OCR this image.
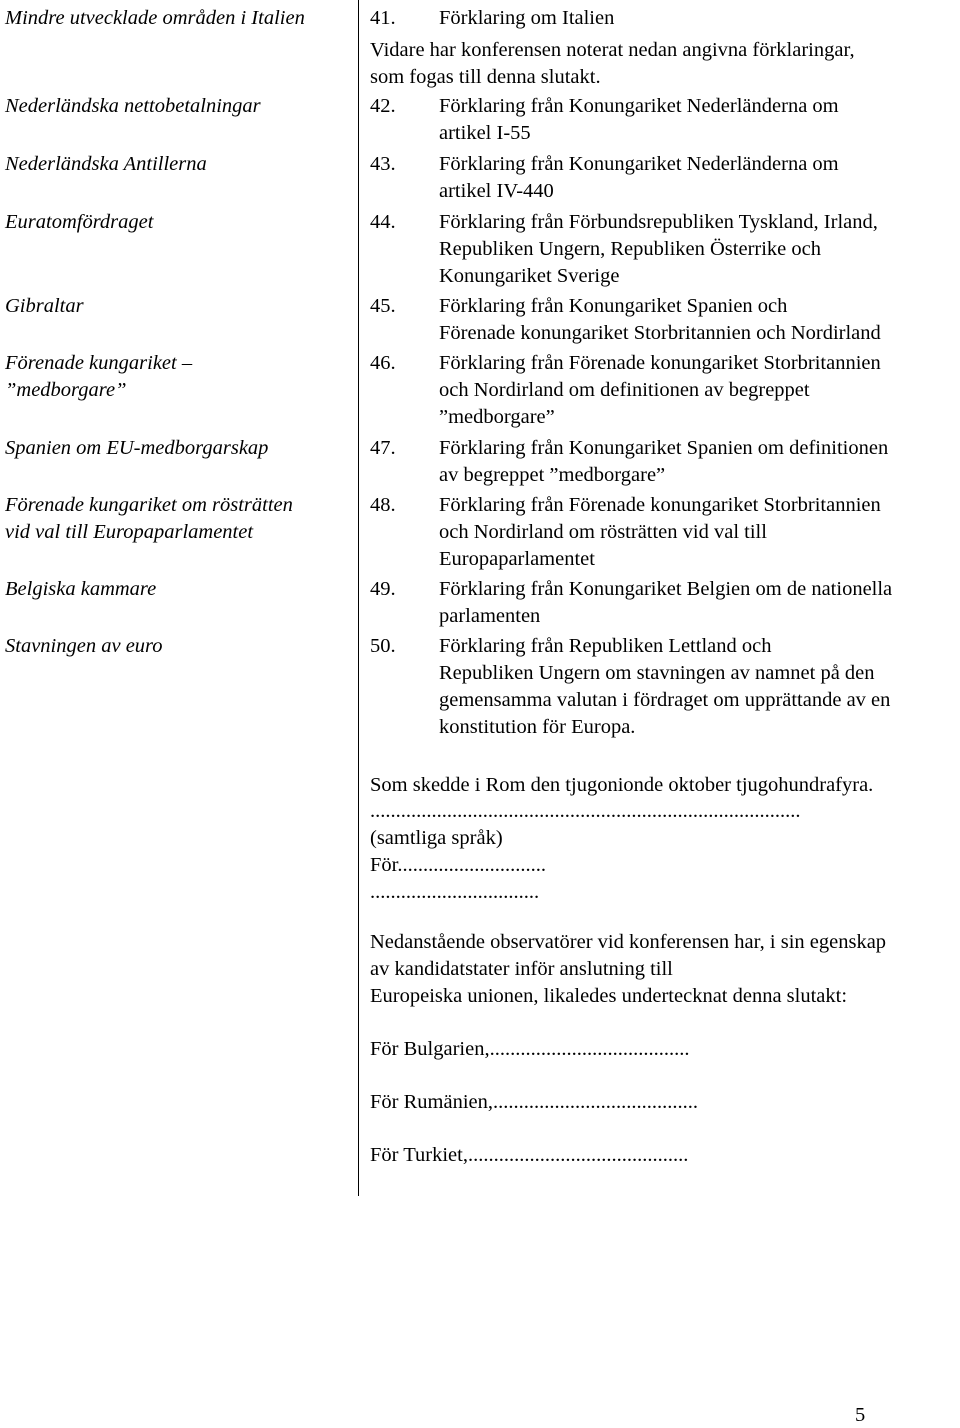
Mindre utvecklade områden i Italien
Nederländska nettobetalningar
Nederländska Antillerna
Euratomfördraget
Gibraltar
Förenade kungariket –
”medborgare”
Spanien om EU-medborgarskap
Förenade kungariket om rösträtten
vid val till Europaparlamentet
Belgiska kammare
Stavningen av euro
41. Förklaring om Italien
Vidare har konferensen noterat nedan angivna förklaringar,
som fogas till denna slutakt.
42. Förklaring från Konungariket Nederländerna om
artikel I-55
43. Förklaring från Konungariket Nederländerna om
artikel IV-440
44. Förklaring från Förbundsrepubliken Tyskland, Irland,
Republiken Ungern, Republiken Österrike och
Konungariket Sverige
45. Förklaring från Konungariket Spanien och
Förenade konungariket Storbritannien och Nordirland
46. Förklaring från Förenade konungariket Storbritannien
och Nordirland om definitionen av begreppet
”medborgare”
47. Förklaring från Konungariket Spanien om definitionen
av begreppet ”medborgare”
48. Förklaring från Förenade konungariket Storbritannien
och Nordirland om rösträtten vid val till
Europaparlamentet
49. Förklaring från Konungariket Belgien om de nationella
parlamenten
50. Förklaring från Republiken Lettland och
Republiken Ungern om stavningen av namnet på den
gemensamma valutan i fördraget om upprättande av en
konstitution för Europa.
Som skedde i Rom den tjugonionde oktober tjugohundrafyra.
....................................................................................
(samtliga språk)
För.............................
.................................
Nedanstående observatörer vid konferensen har, i sin egenskap
av kandidatstater inför anslutning till
Europeiska unionen, likaledes undertecknat denna slutakt:
För Bulgarien,.......................................
För Rumänien,........................................
För Turkiet,...........................................
5
